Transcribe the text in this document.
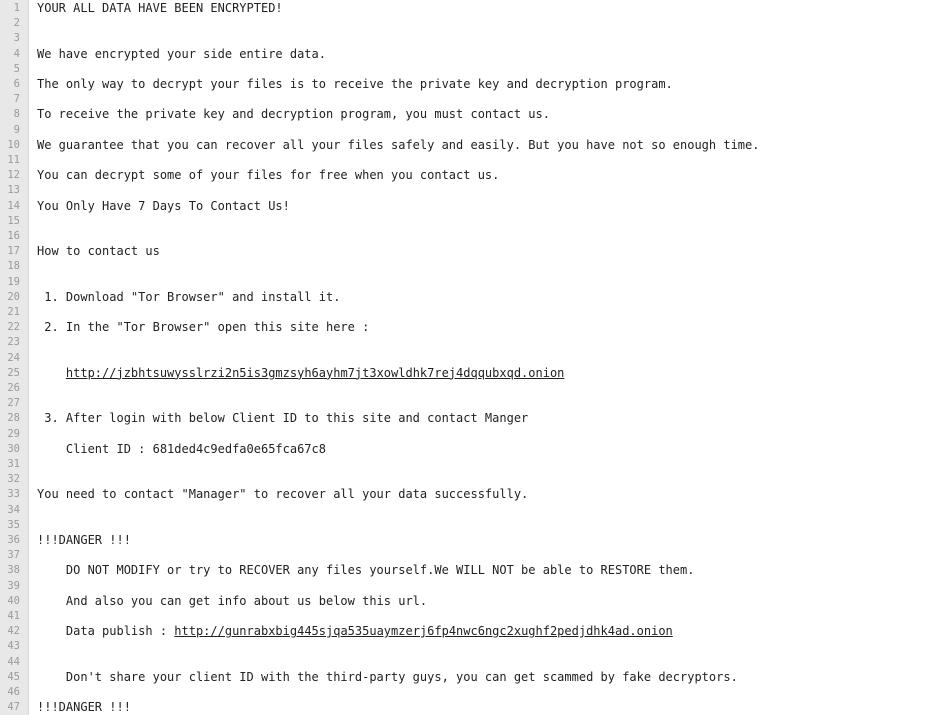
1 YOUR ALL DATA HAVE BEEN ENCRYPTED!
2
3
4 We have encrypted your side entire data.
5
6 The only way to decrypt your files is to receive the private key and decryption program.
7
8 To receive the private key and decryption program, you must contact us.
9
10 We guarantee that you can recover all your files safely and easily. But you have not so enough time.
11
12 You can decrypt some of your files for free when you contact us.
13
14 You Only Have 7 Days To Contact Us!
15
16
17 How to contact us
18
19
20 1. Download "Tor Browser" and install it.
21
22 2. In the "Tor Browser" open this site here :
23
24
25	http://jzbhtsuwysslrzi2n5is3gmzsyh6ayhm7jt3xowldhk7rej4dqqubxqd.onion
26
27
28 3. After login with below Client ID to this site and contact Manger
29
30 Client ID : 681ded4c9edfa0e65fca67c8
31
32
33 You need to contact "Manager" to recover all your data successfully.
34
35
36 !!!DANGER !!!
37
38 DO NOT MODIFY or try to RECOVER any files yourself.We WILL NOT be able to RESTORE them.
39
40 And also you can get info about us below this url.
41
42 Data publish : http://gunrabxbig445sjqa535uaymzerj6fp4nwc6ngc2xughf2pedjdhk4ad.onion
43
44
45 Don't share your client ID with the third-party guys, you can get scammed by fake decryptors.
46
47 !!!DANGER !!!
